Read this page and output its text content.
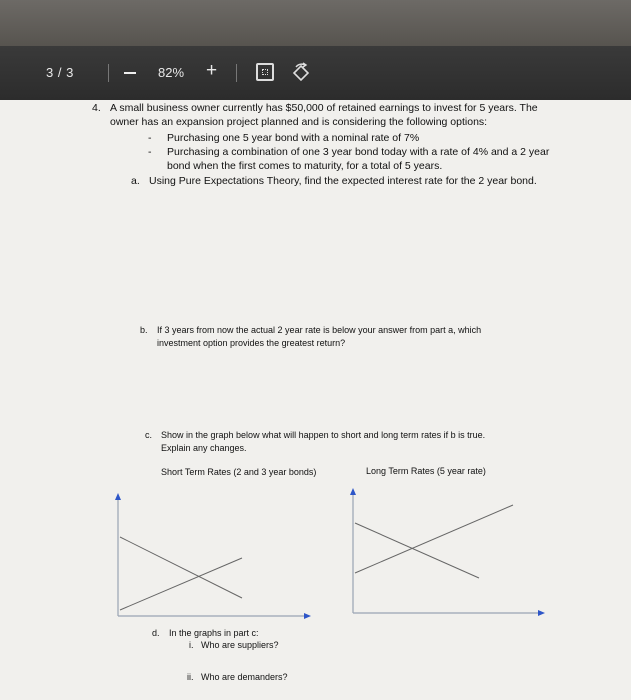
3 / 3	82% +
4. A small business owner currently has $50,000 of retained earnings to invest for 5 years. The
owner has an expansion project planned and is considering the following options:
- Purchasing one 5 year bond with a nominal rate of 7%
- Purchasing a combination of one 3 year bond today with a rate of 4% and a 2 year
bond when the first comes to maturity, for a total of 5 years.
a. Using Pure Expectations Theory, find the expected interest rate for the 2 year bond.
b. If 3 years from now the actual 2 year rate is below your answer from part a, which
investment option provides the greatest return?
c. Show in the graph below what will happen to short and long term rates if b is true.
Explain any changes.
Short Term Rates (2 and 3 year bonds)	Long Term Rates (5 year rate)
d. In the graphs in part c:
i. Who are suppliers?
ii. Who are demanders?
